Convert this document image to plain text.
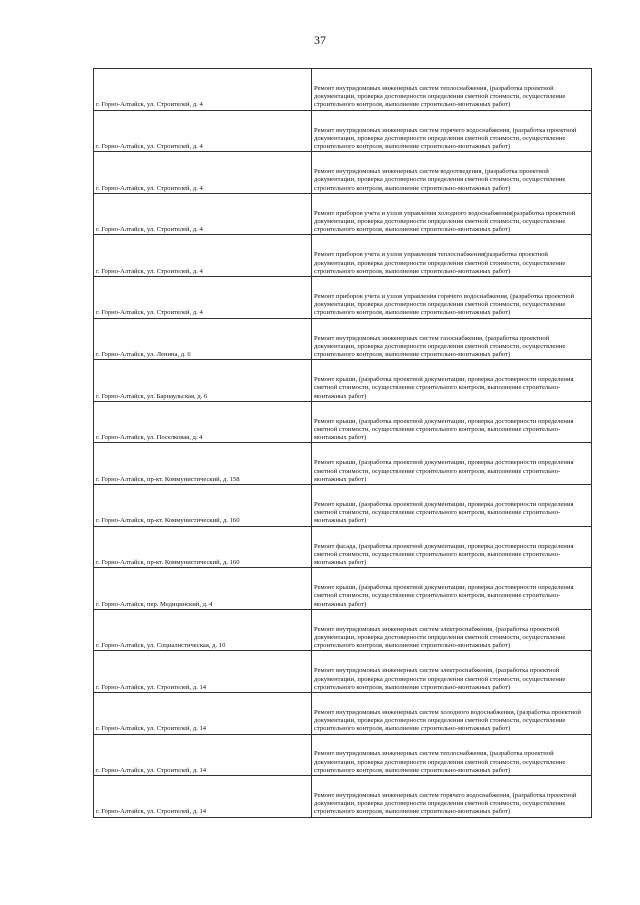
37
г. Горно-Алтайск, ул. Строителей, д. 4	Ремонт внутридомовых инженерных систем теплоснабжения, (разработка проектной документации, проверка достоверности определения сметной стоимости, осуществление строительного контроля, выполнение строительно-монтажных работ)
г. Горно-Алтайск, ул. Строителей, д. 4	Ремонт внутридомовых инженерных систем горячего водоснабжения, (разработка проектной документации, проверка достоверности определения сметной стоимости, осуществление строительного контроля, выполнение строительно-монтажных работ)
г. Горно-Алтайск, ул. Строителей, д. 4	Ремонт внутридомовых инженерных систем водоотведения, (разработка проектной документации, проверка достоверности определения сметной стоимости, осуществление строительного контроля, выполнение строительно-монтажных работ)
г. Горно-Алтайск, ул. Строителей, д. 4	Ремонт приборов учета и узлов управления холодного водоснабжения(разработка проектной документации, проверка достоверности определения сметной стоимости, осуществление строительного контроля, выполнение строительно-монтажных работ)
г. Горно-Алтайск, ул. Строителей, д. 4	Ремонт приборов учета и узлов управления теплоснабжения(разработка проектной документации, проверка достоверности определения сметной стоимости, осуществление строительного контроля, выполнение строительно-монтажных работ)
г. Горно-Алтайск, ул. Строителей, д. 4	Ремонт приборов учета и узлов управления горячего водоснабжения, (разработка проектной документации, проверка достоверности определения сметной стоимости, осуществление строительного контроля, выполнение строительно-монтажных работ)
г. Горно-Алтайск, ул. Ленина, д. 6	Ремонт внутридомовых инженерных систем газоснабжения, (разработка проектной документации, проверка достоверности определения сметной стоимости, осуществление строительного контроля, выполнение строительно-монтажных работ)
г. Горно-Алтайск, ул. Барнаульская, д. 6	Ремонт крыши, (разработка проектной документации, проверка достоверности определения сметной стоимости, осуществление строительного контроля, выполнение строительно-монтажных работ)
г. Горно-Алтайск, ул. Поселковая, д. 4	Ремонт крыши, (разработка проектной документации, проверка достоверности определения сметной стоимости, осуществление строительного контроля, выполнение строительно-монтажных работ)
г. Горно-Алтайск, пр-кт. Коммунистический, д. 158	Ремонт крыши, (разработка проектной документации, проверка достоверности определения сметной стоимости, осуществление строительного контроля, выполнение строительно-монтажных работ)
г. Горно-Алтайск, пр-кт. Коммунистический, д. 160	Ремонт крыши, (разработка проектной документации, проверка достоверности определения сметной стоимости, осуществление строительного контроля, выполнение строительно-монтажных работ)
г. Горно-Алтайск, пр-кт. Коммунистический, д. 160	Ремонт фасада, (разработка проектной документации, проверка достоверности определения сметной стоимости, осуществление строительного контроля, выполнение строительно-монтажных работ)
г. Горно-Алтайск, пер. Медицинский, д. 4	Ремонт крыши, (разработка проектной документации, проверка достоверности определения сметной стоимости, осуществление строительного контроля, выполнение строительно-монтажных работ)
г. Горно-Алтайск, ул. Социалистическая, д. 10	Ремонт внутридомовых инженерных систем электроснабжения, (разработка проектной документации, проверка достоверности определения сметной стоимости, осуществление строительного контроля, выполнение строительно-монтажных работ)
г. Горно-Алтайск, ул. Строителей, д. 14	Ремонт внутридомовых инженерных систем электроснабжения, (разработка проектной документации, проверка достоверности определения сметной стоимости, осуществление строительного контроля, выполнение строительно-монтажных работ)
г. Горно-Алтайск, ул. Строителей, д. 14	Ремонт внутридомовых инженерных систем холодного водоснабжения, (разработка проектной документации, проверка достоверности определения сметной стоимости, осуществление строительного контроля, выполнение строительно-монтажных работ)
г. Горно-Алтайск, ул. Строителей, д. 14	Ремонт внутридомовых инженерных систем теплоснабжения, (разработка проектной документации, проверка достоверности определения сметной стоимости, осуществление строительного контроля, выполнение строительно-монтажных работ)
г. Горно-Алтайск, ул. Строителей, д. 14	Ремонт внутридомовых инженерных систем горячего водоснабжения, (разработка проектной документации, проверка достоверности определения сметной стоимости, осуществление строительного контроля, выполнение строительно-монтажных работ)
